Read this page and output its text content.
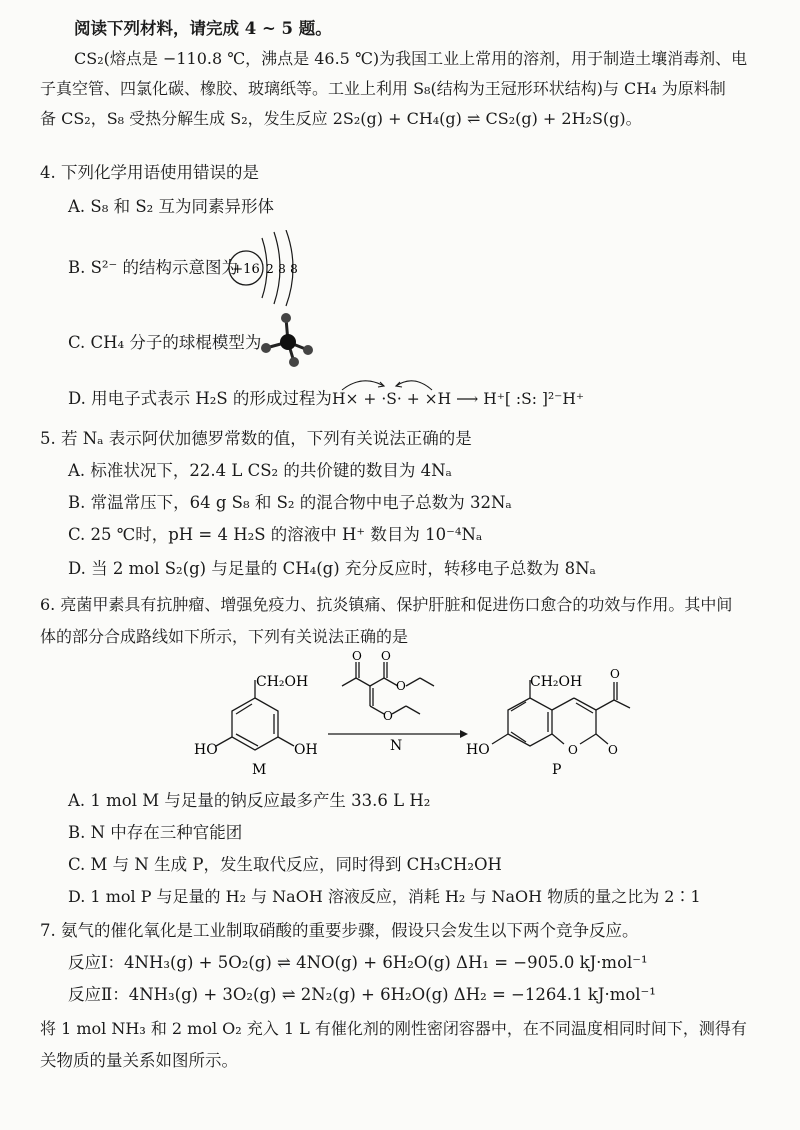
阅读下列材料，请完成 4 ~ 5 题。
CS₂(熔点是 −110.8 ℃，沸点是 46.5 ℃)为我国工业上常用的溶剂，用于制造土壤消毒剂、电
子真空管、四氯化碳、橡胶、玻璃纸等。工业上利用 S₈(结构为王冠形环状结构)与 CH₄ 为原料制
备 CS₂，S₈ 受热分解生成 S₂，发生反应 2S₂(g) + CH₄(g) ⇌ CS₂(g) + 2H₂S(g)。
4. 下列化学用语使用错误的是
A. S₈ 和 S₂ 互为同素异形体
B. S²⁻ 的结构示意图为
+16 2 8 8
C. CH₄ 分子的球棍模型为
D. 用电子式表示 H₂S 的形成过程为 H× + ·S· + ×H ⟶ H⁺[ :S: ]²⁻H⁺
5. 若 Nₐ 表示阿伏加德罗常数的值，下列有关说法正确的是
A. 标准状况下，22.4 L CS₂ 的共价键的数目为 4Nₐ
B. 常温常压下，64 g S₈ 和 S₂ 的混合物中电子总数为 32Nₐ
C. 25 ℃时，pH = 4 H₂S 的溶液中 H⁺ 数目为 10⁻⁴Nₐ
D. 当 2 mol S₂(g) 与足量的 CH₄(g) 充分反应时，转移电子总数为 8Nₐ
6. 亮菌甲素具有抗肿瘤、增强免疫力、抗炎镇痛、保护肝脏和促进伤口愈合的功效与作用。其中间
体的部分合成路线如下所示，下列有关说法正确的是
CH₂OH
HO	OH
M
O O
O
O
N
CH₂OH
O	O
O
HO
P
A. 1 mol M 与足量的钠反应最多产生 33.6 L H₂
B. N 中存在三种官能团
C. M 与 N 生成 P，发生取代反应，同时得到 CH₃CH₂OH
D. 1 mol P 与足量的 H₂ 与 NaOH 溶液反应，消耗 H₂ 与 NaOH 物质的量之比为 2∶1
7. 氨气的催化氧化是工业制取硝酸的重要步骤，假设只会发生以下两个竞争反应。
反应Ⅰ：4NH₃(g) + 5O₂(g) ⇌ 4NO(g) + 6H₂O(g) ΔH₁ = −905.0 kJ·mol⁻¹
反应Ⅱ：4NH₃(g) + 3O₂(g) ⇌ 2N₂(g) + 6H₂O(g) ΔH₂ = −1264.1 kJ·mol⁻¹
将 1 mol NH₃ 和 2 mol O₂ 充入 1 L 有催化剂的刚性密闭容器中，在不同温度相同时间下，测得有
关物质的量关系如图所示。
